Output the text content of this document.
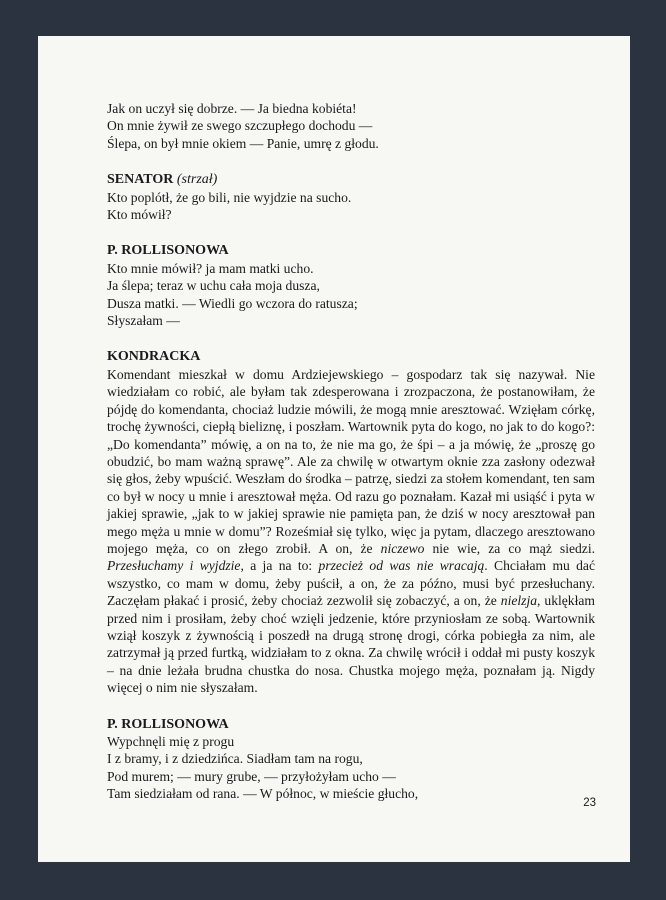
Jak on uczył się dobrze. — Ja biedna kobiéta!
On mnie żywił ze swego szczupłego dochodu —
Ślepa, on był mnie okiem — Panie, umrę z głodu.
SENATOR (strzał)
Kto poplótł, że go bili, nie wyjdzie na sucho.
Kto mówił?
P. ROLLISONOWA
Kto mnie mówił? ja mam matki ucho.
Ja ślepa; teraz w uchu cała moja dusza,
Dusza matki. — Wiedli go wczora do ratusza;
Słyszałam —
KONDRACKA

Komendant mieszkał w domu Ardziejewskiego – gospodarz tak się nazywał. Nie wiedziałam co robić, ale byłam tak zdesperowana i zrozpaczona, że postanowiłam, że pójdę do komendanta, chociaż ludzie mówili, że mogą mnie aresztować. Wzięłam córkę, trochę żywności, ciepłą bieliznę, i poszłam. Wartownik pyta do kogo, no jak to do kogo?: „Do komendanta” mówię, a on na to, że nie ma go, że śpi – a ja mówię, że „proszę go obudzić, bo mam ważną sprawę”. Ale za chwilę w otwartym oknie zza zasłony odezwał się głos, żeby wpuścić. Weszłam do środka – patrzę, siedzi za stołem komendant, ten sam co był w nocy u mnie i aresztował męża. Od razu go poznałam. Kazał mi usiąść i pyta w jakiej sprawie, „jak to w jakiej sprawie nie pamięta pan, że dziś w nocy aresztował pan mego męża u mnie w domu”? Roześmiał się tylko, więc ja pytam, dlaczego aresztowano mojego męża, co on złego zrobił. A on, że niczewo nie wie, za co mąż siedzi. Przesłuchamy i wyjdzie, a ja na to: przecież od was nie wracają. Chciałam mu dać wszystko, co mam w domu, żeby puścił, a on, że za późno, musi być przesłuchany. Zaczęłam płakać i prosić, żeby chociaż zezwolił się zobaczyć, a on, że nielzja, uklękłam przed nim i prosiłam, żeby choć wzięli jedzenie, które przyniosłam ze sobą. Wartownik wziął koszyk z żywnością i poszedł na drugą stronę drogi, córka pobiegła za nim, ale zatrzymał ją przed furtką, widziałam to z okna. Za chwilę wrócił i oddał mi pusty koszyk – na dnie leżała brudna chustka do nosa. Chustka mojego męża, poznałam ją. Nigdy więcej o nim nie słyszałam.

P. ROLLISONOWA
Wypchnęli mię z progu
I z bramy, i z dziedzińca. Siadłam tam na rogu,
Pod murem; — mury grube, — przyłożyłam ucho —
Tam siedziałam od rana. — W północ, w mieście głucho,
23
